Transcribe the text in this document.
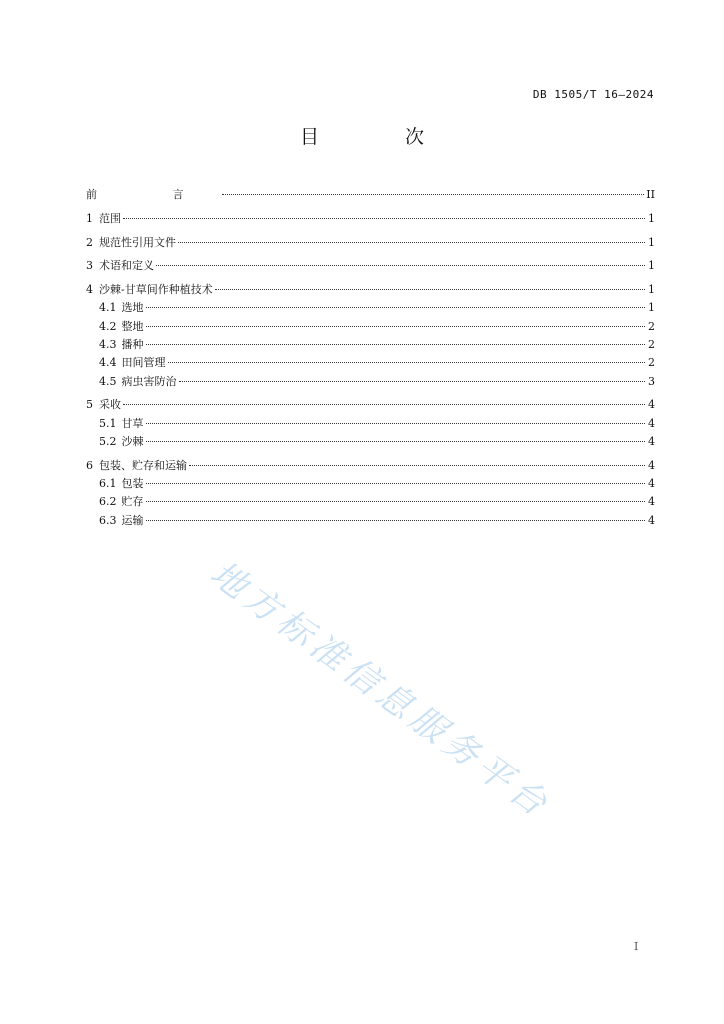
DB 1505/T 16—2024
目 次
前 言	II
1 范围	1
2 规范性引用文件	1
3 术语和定义	1
4 沙棘-甘草间作种植技术	1
4.1 选地	1
4.2 整地	2
4.3 播种	2
4.4 田间管理	2
4.5 病虫害防治	3
5 采收	4
5.1 甘草	4
5.2 沙棘	4
6 包装、贮存和运输	4
6.1 包装	4
6.2 贮存	4
6.3 运输	4
地方标准信息服务平台
I
